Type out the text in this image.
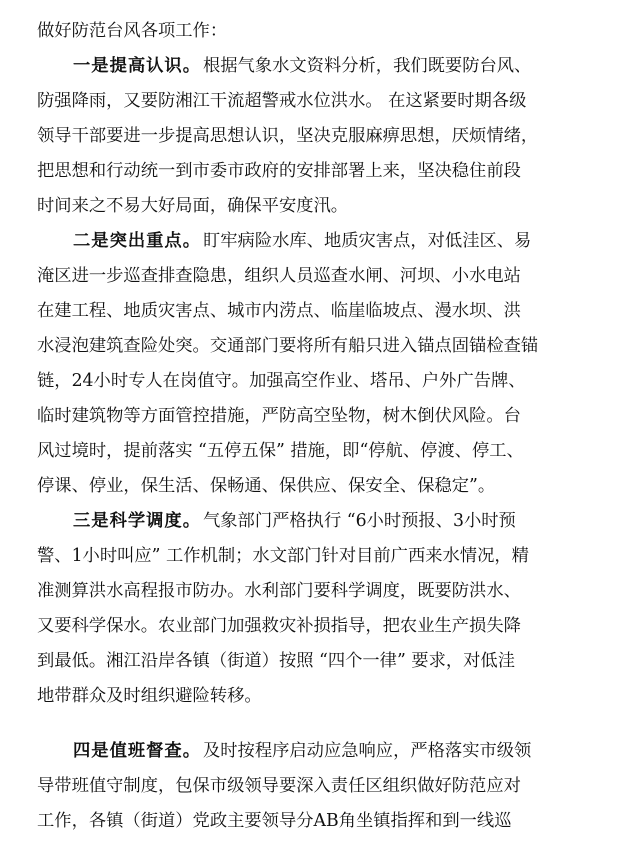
做好防范台风各项工作：
一是提高认识。 根据气象水文资料分析，我们既要防台风、
防强降雨，又要防湘江干流超警戒水位洪水。 在这紧要时期各级
领导干部要进一步提高思想认识，坚决克服麻痹思想，厌烦情绪，
把思想和行动统一到市委市政府的安排部署上来，坚决稳住前段
时间来之不易大好局面，确保平安度汛。
二是突出重点。 盯牢病险水库、地质灾害点，对低洼区、易
淹区进一步巡查排查隐患，组织人员巡查水闸、河坝、小水电站
在建工程、地质灾害点、城市内涝点、临崖临坡点、漫水坝、洪
水浸泡建筑查险处突。交通部门要将所有船只进入锚点固锚检查锚
链，24小时专人在岗值守。加强高空作业、塔吊、户外广告牌、
临时建筑物等方面管控措施，严防高空坠物，树木倒伏风险。台
风过境时，提前落实 “五停五保” 措施，即“停航、停渡、停工、
停课、停业，保生活、保畅通、保供应、保安全、保稳定”。
三是科学调度。 气象部门严格执行 “6小时预报、3小时预
警、1小时叫应” 工作机制；水文部门针对目前广西来水情况，精
准测算洪水高程报市防办。水利部门要科学调度，既要防洪水、
又要科学保水。农业部门加强救灾补损指导，把农业生产损失降
到最低。湘江沿岸各镇（街道）按照 “四个一律” 要求，对低洼
地带群众及时组织避险转移。
四是值班督查。 及时按程序启动应急响应，严格落实市级领
导带班值守制度，包保市级领导要深入责任区组织做好防范应对
工作，各镇（街道）党政主要领导分AB角坐镇指挥和到一线巡
